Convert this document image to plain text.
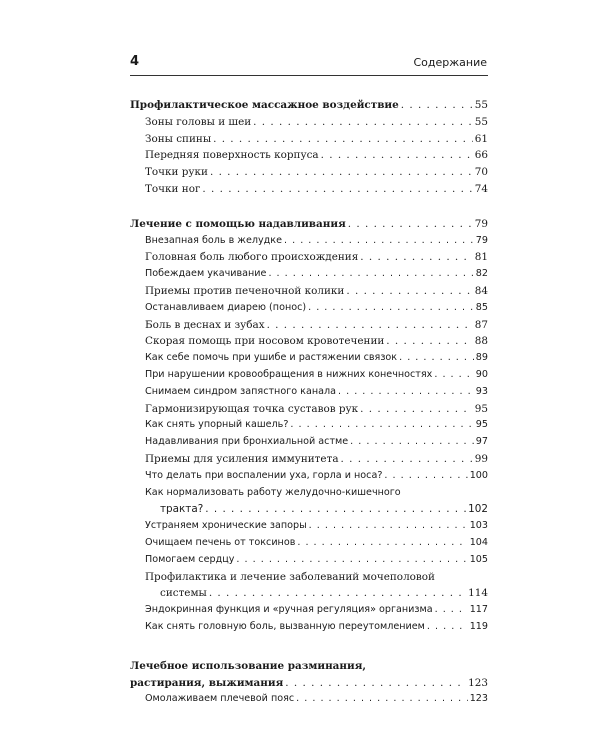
4	Содержание
Профилактическое массажное воздействие . . .	55
Зоны головы и шеи . . .	55
Зоны спины . . .	61
Передняя поверхность корпуса . . .	66
Точки руки . . .	70
Точки ног . . .	74
Лечение с помощью надавливания . . .	79
Внезапная боль в желудке . . .	79
Головная боль любого происхождения . . .	81
Побеждаем укачивание . . .	82
Приемы против печеночной колики . . .	84
Останавливаем диарею (понос) . . .	85
Боль в деснах и зубах . . .	87
Скорая помощь при носовом кровотечении . . .	88
Как себе помочь при ушибе и растяжении связок . . .	89
При нарушении кровообращения в нижних конечностях . . .	90
Снимаем синдром запястного канала . . .	93
Гармонизирующая точка суставов рук . . .	95
Как снять упорный кашель? . . .	95
Надавливания при бронхиальной астме . . .	97
Приемы для усиления иммунитета . . .	99
Что делать при воспалении уха, горла и носа? . . .	100
Как нормализовать работу желудочно-кишечного
тракта? . . .	102
Устраняем хронические запоры . . .	103
Очищаем печень от токсинов . . .	104
Помогаем сердцу . . .	105
Профилактика и лечение заболеваний мочеполовой
системы . . .	114
Эндокринная функция и «ручная регуляция» организма . . .	117
Как снять головную боль, вызванную переутомлением . . .	119
Лечебное использование разминания,
растирания, выжимания . . .	123
Омолаживаем плечевой пояс . . .	123
